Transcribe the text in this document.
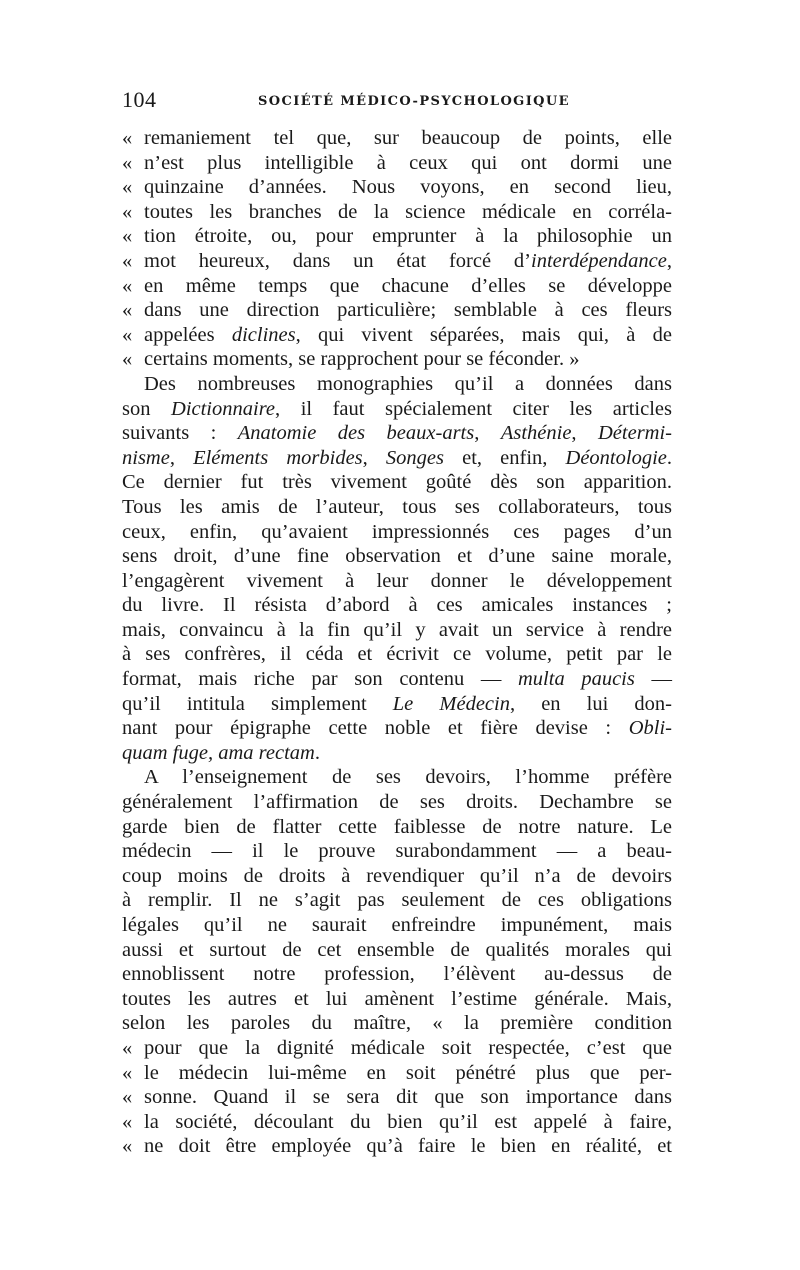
104	SOCIÉTÉ MÉDICO-PSYCHOLOGIQUE
« remaniement tel que, sur beaucoup de points, elle
« n’est plus intelligible à ceux qui ont dormi une
« quinzaine d’années. Nous voyons, en second lieu,
« toutes les branches de la science médicale en corréla-
« tion étroite, ou, pour emprunter à la philosophie un
« mot heureux, dans un état forcé d’interdépendance,
« en même temps que chacune d’elles se développe
« dans une direction particulière; semblable à ces fleurs
« appelées diclines, qui vivent séparées, mais qui, à de
« certains moments, se rapprochent pour se féconder. »
Des nombreuses monographies qu’il a données dans
son Dictionnaire, il faut spécialement citer les articles
suivants : Anatomie des beaux-arts, Asthénie, Détermi-
nisme, Eléments morbides, Songes et, enfin, Déontologie.
Ce dernier fut très vivement goûté dès son apparition.
Tous les amis de l’auteur, tous ses collaborateurs, tous
ceux, enfin, qu’avaient impressionnés ces pages d’un
sens droit, d’une fine observation et d’une saine morale,
l’engagèrent vivement à leur donner le développement
du livre. Il résista d’abord à ces amicales instances ;
mais, convaincu à la fin qu’il y avait un service à rendre
à ses confrères, il céda et écrivit ce volume, petit par le
format, mais riche par son contenu — multa paucis —
qu’il intitula simplement Le Médecin, en lui don-
nant pour épigraphe cette noble et fière devise : Obli-
quam fuge, ama rectam.
A l’enseignement de ses devoirs, l’homme préfère
généralement l’affirmation de ses droits. Dechambre se
garde bien de flatter cette faiblesse de notre nature. Le
médecin — il le prouve surabondamment — a beau-
coup moins de droits à revendiquer qu’il n’a de devoirs
à remplir. Il ne s’agit pas seulement de ces obligations
légales qu’il ne saurait enfreindre impunément, mais
aussi et surtout de cet ensemble de qualités morales qui
ennoblissent notre profession, l’élèvent au-dessus de
toutes les autres et lui amènent l’estime générale. Mais,
selon les paroles du maître, « la première condition
« pour que la dignité médicale soit respectée, c’est que
« le médecin lui-même en soit pénétré plus que per-
« sonne. Quand il se sera dit que son importance dans
« la société, découlant du bien qu’il est appelé à faire,
« ne doit être employée qu’à faire le bien en réalité, et
